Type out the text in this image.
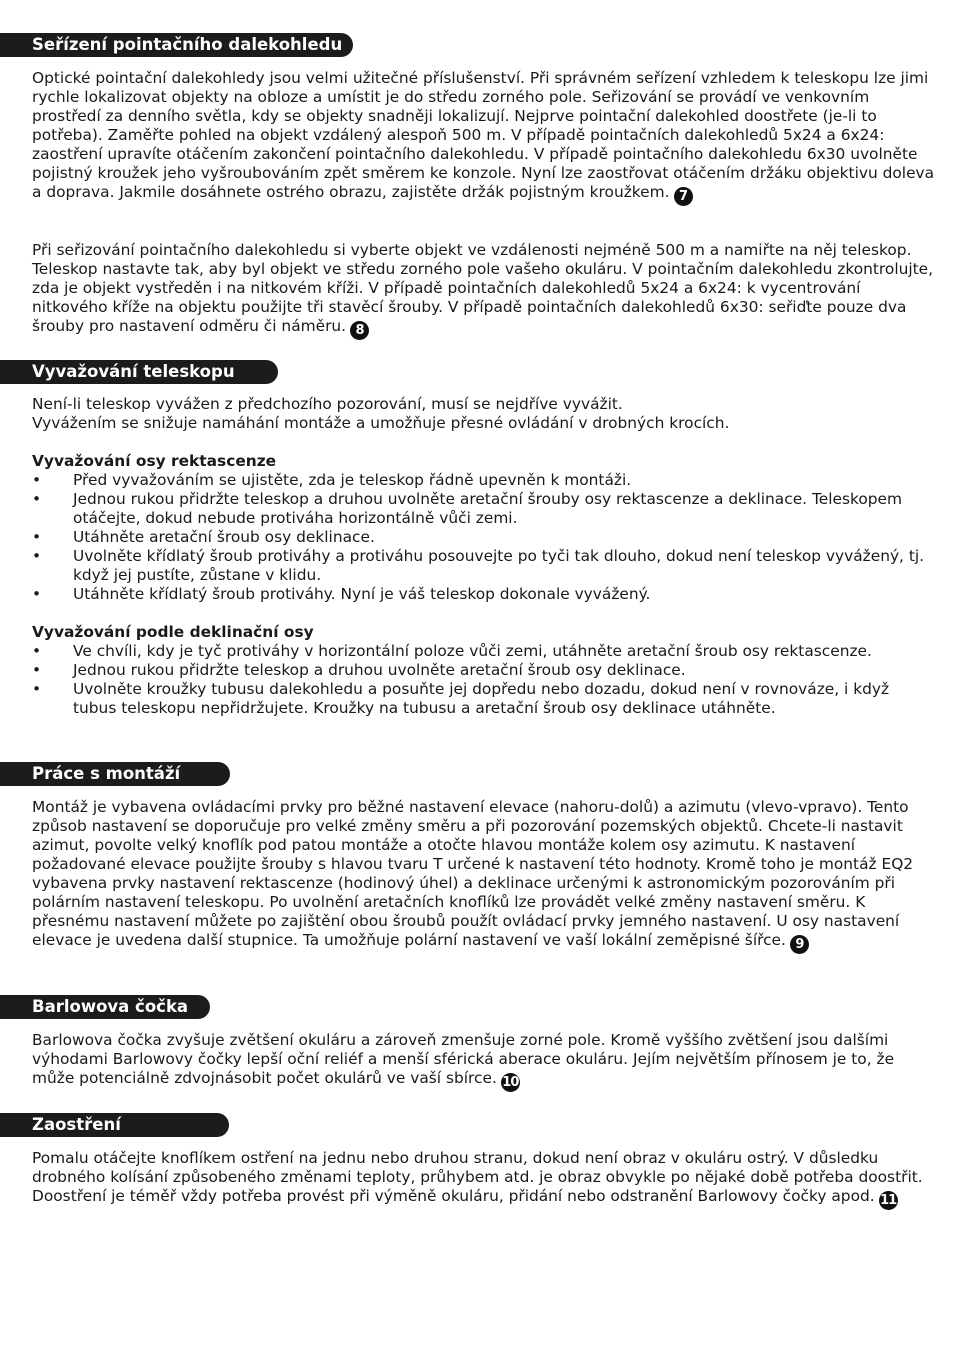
Seřízení pointačního dalekohledu

Optické pointační dalekohledy jsou velmi užitečné příslušenství. Při správném seřízení vzhledem k teleskopu lze jimi rychle lokalizovat objekty na obloze a umístit je do středu zorného pole. Seřizování se provádí ve venkovním prostředí za denního světla, kdy se objekty snadněji lokalizují. Nejprve pointační dalekohled doostřete (je-li to potřeba). Zaměřte pohled na objekt vzdálený alespoň 500 m. V případě pointačních dalekohledů 5x24 a 6x24: zaostření upravíte otáčením zakončení pointačního dalekohledu. V případě pointačního dalekohledu 6x30 uvolněte pojistný kroužek jeho vyšroubováním zpět směrem ke konzole. Nyní lze zaostřovat otáčením držáku objektivu doleva a doprava. Jakmile dosáhnete ostrého obrazu, zajistěte držák pojistným kroužkem. 7

Při seřizování pointačního dalekohledu si vyberte objekt ve vzdálenosti nejméně 500 m a namiřte na něj teleskop. Teleskop nastavte tak, aby byl objekt ve středu zorného pole vašeho okuláru. V pointačním dalekohledu zkontrolujte, zda je objekt vystředěn i na nitkovém kříži. V případě pointačních dalekohledů 5x24 a 6x24: k vycentrování nitkového kříže na objektu použijte tři stavěcí šrouby. V případě pointačních dalekohledů 6x30: seřiďte pouze dva šrouby pro nastavení odměru či náměru. 8

Vyvažování teleskopu
Není-li teleskop vyvážen z předchozího pozorování, musí se nejdříve vyvážit.
Vyvážením se snižuje namáhání montáže a umožňuje přesné ovládání v drobných krocích.
Vyvažování osy rektascenze
• Před vyvažováním se ujistěte, zda je teleskop řádně upevněn k montáži.
• Jednou rukou přidržte teleskop a druhou uvolněte aretační šrouby osy rektascenze a deklinace. Teleskopem otáčejte, dokud nebude protiváha horizontálně vůči zemi.
• Utáhněte aretační šroub osy deklinace.
• Uvolněte křídlatý šroub protiváhy a protiváhu posouvejte po tyči tak dlouho, dokud není teleskop vyvážený, tj. když jej pustíte, zůstane v klidu.
• Utáhněte křídlatý šroub protiváhy. Nyní je váš teleskop dokonale vyvážený.
Vyvažování podle deklinační osy
• Ve chvíli, kdy je tyč protiváhy v horizontální poloze vůči zemi, utáhněte aretační šroub osy rektascenze.
• Jednou rukou přidržte teleskop a druhou uvolněte aretační šroub osy deklinace.
• Uvolněte kroužky tubusu dalekohledu a posuňte jej dopředu nebo dozadu, dokud není v rovnováze, i když tubus teleskopu nepřidržujete. Kroužky na tubusu a aretační šroub osy deklinace utáhněte.
Práce s montáží

Montáž je vybavena ovládacími prvky pro běžné nastavení elevace (nahoru-dolů) a azimutu (vlevo-vpravo). Tento způsob nastavení se doporučuje pro velké změny směru a při pozorování pozemských objektů. Chcete-li nastavit azimut, povolte velký knoflík pod patou montáže a otočte hlavou montáže kolem osy azimutu. K nastavení požadované elevace použijte šrouby s hlavou tvaru T určené k nastavení této hodnoty. Kromě toho je montáž EQ2 vybavena prvky nastavení rektascenze (hodinový úhel) a deklinace určenými k astronomickým pozorováním při polárním nastavení teleskopu. Po uvolnění aretačních knoflíků lze provádět velké změny nastavení směru. K přesnému nastavení můžete po zajištění obou šroubů použít ovládací prvky jemného nastavení. U osy nastavení elevace je uvedena další stupnice. Ta umožňuje polární nastavení ve vaší lokální zeměpisné šířce. 9

Barlowova čočka

Barlowova čočka zvyšuje zvětšení okuláru a zároveň zmenšuje zorné pole. Kromě vyššího zvětšení jsou dalšími výhodami Barlowovy čočky lepší oční reliéf a menší sférická aberace okuláru. Jejím největším přínosem je to, že může potenciálně zdvojnásobit počet okulárů ve vaší sbírce. 10

Zaostření

Pomalu otáčejte knoflíkem ostření na jednu nebo druhou stranu, dokud není obraz v okuláru ostrý. V důsledku drobného kolísání způsobeného změnami teploty, průhybem atd. je obraz obvykle po nějaké době potřeba doostřit. Doostření je téměř vždy potřeba provést při výměně okuláru, přidání nebo odstranění Barlowovy čočky apod. 11
